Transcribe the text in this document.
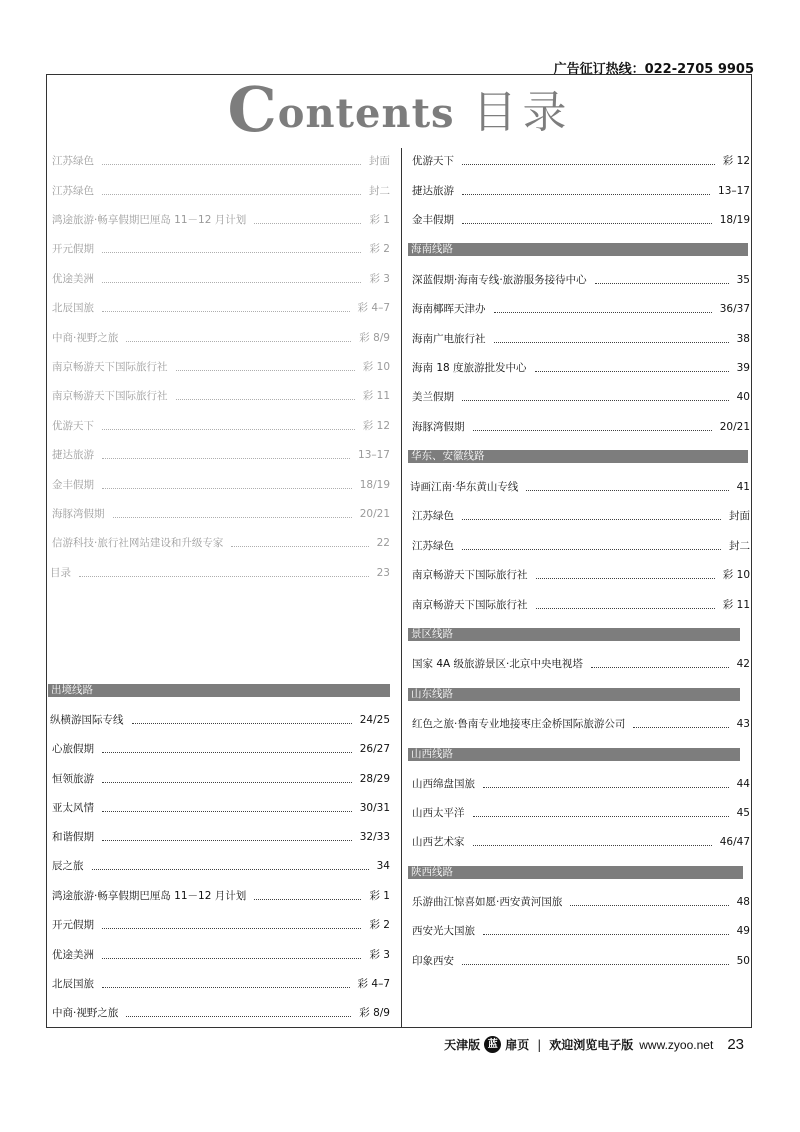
广告征订热线：022-2705 9905
Contents 目录
江苏绿色	封面
江苏绿色	封二
鸿途旅游·畅享假期巴厘岛 11－12 月计划	彩 1
开元假期	彩 2
优途美洲	彩 3
北辰国旅	彩 4–7
中商·视野之旅	彩 8/9
南京畅游天下国际旅行社	彩 10
南京畅游天下国际旅行社	彩 11
优游天下	彩 12
捷达旅游	13–17
金丰假期	18/19
海豚湾假期	20/21
信游科技·旅行社网站建设和升级专家	22
目录	23
出境线路
纵横游国际专线	24/25
心旅假期	26/27
恒领旅游	28/29
亚太风情	30/31
和谐假期	32/33
辰之旅	34
鸿途旅游·畅享假期巴厘岛 11－12 月计划	彩 1
开元假期	彩 2
优途美洲	彩 3
北辰国旅	彩 4–7
中商·视野之旅	彩 8/9
优游天下	彩 12
捷达旅游	13–17
金丰假期	18/19
海南线路
深蓝假期·海南专线·旅游服务接待中心	35
海南椰晖天津办	36/37
海南广电旅行社	38
海南 18 度旅游批发中心	39
美兰假期	40
海豚湾假期	20/21
华东、安徽线路
诗画江南·华东黄山专线	41
江苏绿色	封面
江苏绿色	封二
南京畅游天下国际旅行社	彩 10
南京畅游天下国际旅行社	彩 11
景区线路
国家 4A 级旅游景区·北京中央电视塔	42
山东线路
红色之旅·鲁南专业地接枣庄金桥国际旅游公司	43
山西线路
山西绵盘国旅	44
山西太平洋	45
山西艺术家	46/47
陕西线路
乐游曲江惊喜如愿·西安黄河国旅	48
西安光大国旅	49
印象西安	50
天津版 蓝 扉页 | 欢迎浏览电子版 www.zyoo.net 23
